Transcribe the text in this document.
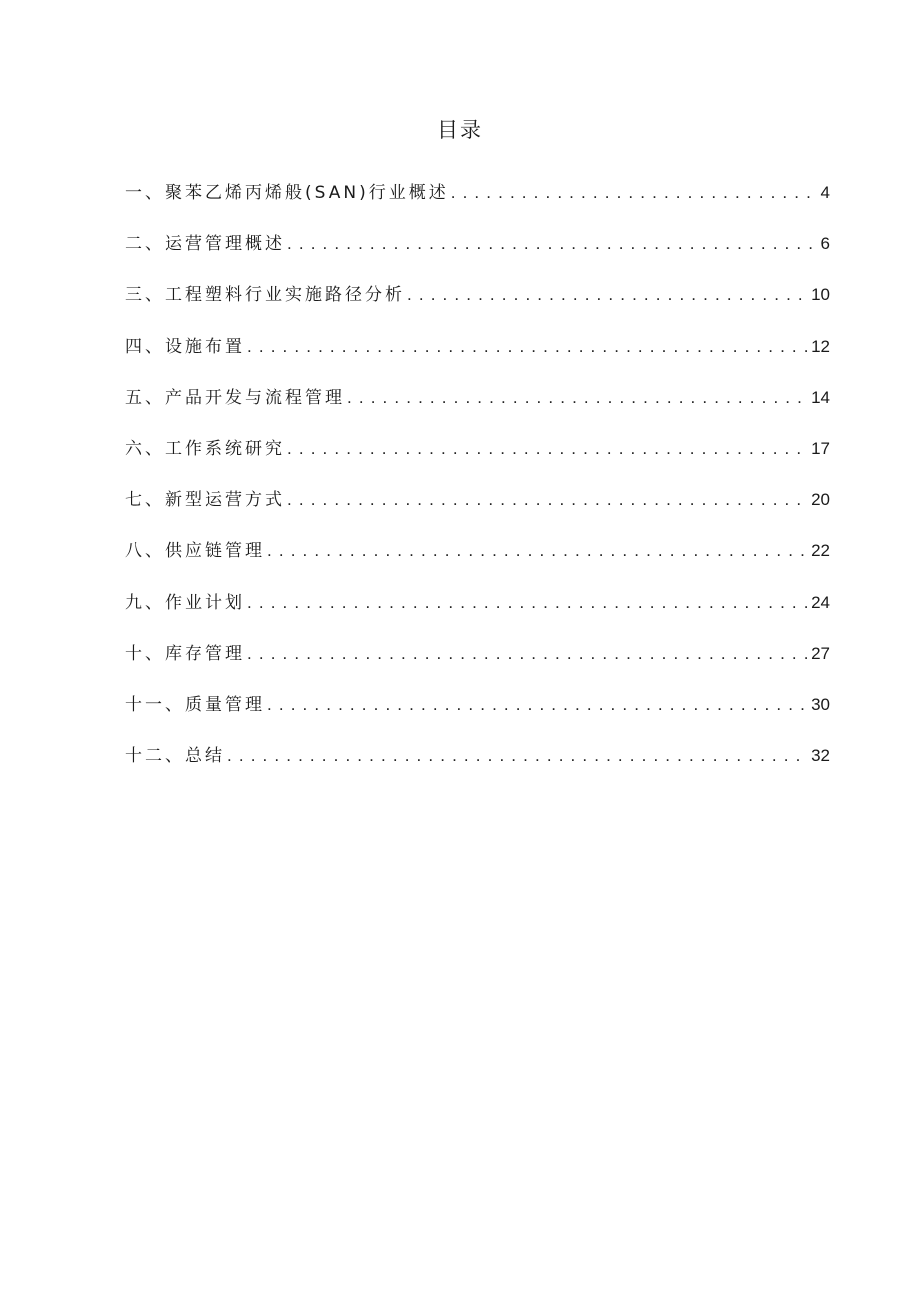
目录
一、 聚苯乙烯丙烯般(SAN)行业概述 . . .	4
二、 运营管理概述 . . .	6
三、 工程塑料行业实施路径分析 . . .	10
四、 设施布置 . . .	12
五、 产品开发与流程管理 . . .	14
六、 工作系统研究 . . .	17
七、 新型运营方式 . . .	20
八、 供应链管理 . . .	22
九、 作业计划 . . .	24
十、 库存管理 . . .	27
十一、 质量管理 . . .	30
十二、 总结 . . .	32
